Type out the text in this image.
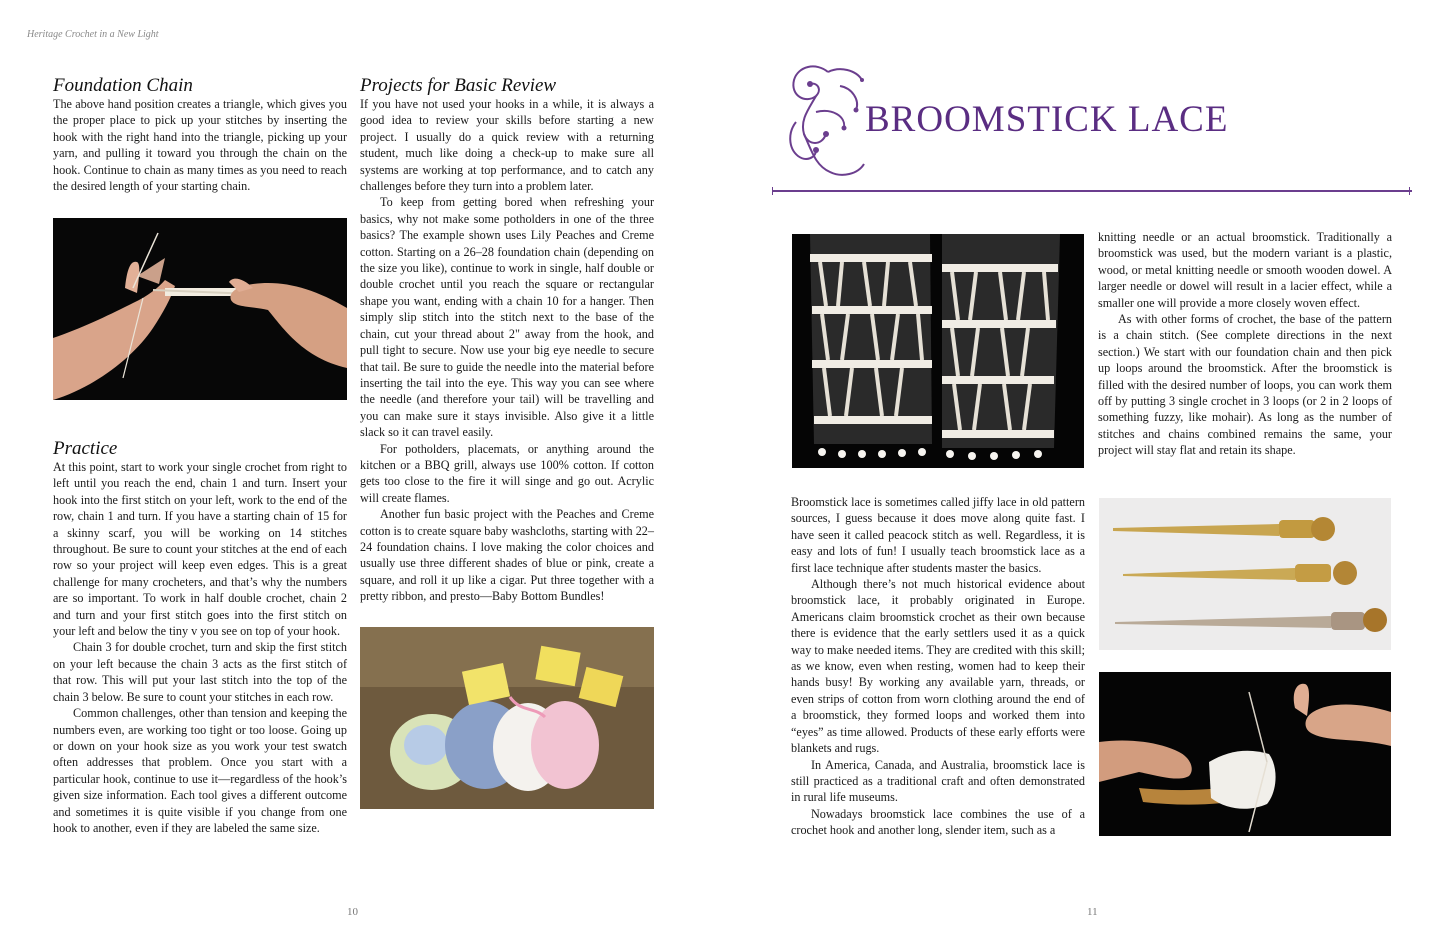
Heritage Crochet in a New Light
Foundation Chain

The above hand position creates a triangle, which gives you the proper place to pick up your stitches by inserting the hook with the right hand into the triangle, picking up your yarn, and pulling it toward you through the chain on the hook. Continue to chain as many times as you need to reach the desired length of your starting chain.

Practice

At this point, start to work your single crochet from right to left until you reach the end, chain 1 and turn. Insert your hook into the first stitch on your left, work to the end of the row, chain 1 and turn. If you have a starting chain of 15 for a skinny scarf, you will be working on 14 stitches throughout. Be sure to count your stitches at the end of each row so your project will keep even edges. This is a great challenge for many crocheters, and that’s why the numbers are so important. To work in half double crochet, chain 2 and turn and your first stitch goes into the first stitch on your left and below the tiny v you see on top of your hook.

Chain 3 for double crochet, turn and skip the first stitch on your left because the chain 3 acts as the first stitch of that row. This will put your last stitch into the top of the chain 3 below. Be sure to count your stitches in each row.

Common challenges, other than tension and keeping the numbers even, are working too tight or too loose. Going up or down on your hook size as you work your test swatch often addresses that problem. Once you start with a particular hook, continue to use it—regardless of the hook’s given size information. Each tool gives a different outcome and sometimes it is quite visible if you change from one hook to another, even if they are labeled the same size.

Projects for Basic Review

If you have not used your hooks in a while, it is always a good idea to review your skills before starting a new project. I usually do a quick review with a returning student, much like doing a check-up to make sure all systems are working at top performance, and to catch any challenges before they turn into a problem later.

To keep from getting bored when refreshing your basics, why not make some potholders in one of the three basics? The example shown uses Lily Peaches and Creme cotton. Starting on a 26–28 foundation chain (depending on the size you like), continue to work in single, half double or double crochet until you reach the square or rectangular shape you want, ending with a chain 10 for a hanger. Then simply slip stitch into the stitch next to the base of the chain, cut your thread about 2" away from the hook, and pull tight to secure. Now use your big eye needle to secure that tail. Be sure to guide the needle into the material before inserting the tail into the eye. This way you can see where the needle (and therefore your tail) will be travelling and you can make sure it stays invisible. Also give it a little slack so it can travel easily.

For potholders, placemats, or anything around the kitchen or a BBQ grill, always use 100% cotton. If cotton gets too close to the fire it will singe and go out. Acrylic will create flames.

Another fun basic project with the Peaches and Creme cotton is to create square baby washcloths, starting with 22–24 foundation chains. I love making the color choices and usually use three different shades of blue or pink, create a square, and roll it up like a cigar. Put three together with a pretty ribbon, and presto—Baby Bottom Bundles!

10
BROOMSTICK LACE

knitting needle or an actual broomstick. Traditionally a broomstick was used, but the modern variant is a plastic, wood, or metal knitting needle or smooth wooden dowel. A larger needle or dowel will result in a lacier effect, while a smaller one will provide a more closely woven effect.

As with other forms of crochet, the base of the pattern is a chain stitch. (See complete directions in the next section.) We start with our foundation chain and then pick up loops around the broomstick. After the broomstick is filled with the desired number of loops, you can work them off by putting 3 single crochet in 3 loops (or 2 in 2 loops of something fuzzy, like mohair). As long as the number of stitches and chains combined remains the same, your project will stay flat and retain its shape.

Broomstick lace is sometimes called jiffy lace in old pattern sources, I guess because it does move along quite fast. I have seen it called peacock stitch as well. Regardless, it is easy and lots of fun! I usually teach broomstick lace as a first lace technique after students master the basics.

Although there’s not much historical evidence about broomstick lace, it probably originated in Europe. Americans claim broomstick crochet as their own because there is evidence that the early settlers used it as a quick way to make needed items. They are credited with this skill; as we know, even when resting, women had to keep their hands busy! By working any available yarn, threads, or even strips of cotton from worn clothing around the end of a broomstick, they formed loops and worked them into “eyes” as time allowed. Products of these early efforts were blankets and rugs.

In America, Canada, and Australia, broomstick lace is still practiced as a traditional craft and often demonstrated in rural life museums.

Nowadays broomstick lace combines the use of a crochet hook and another long, slender item, such as a

11
